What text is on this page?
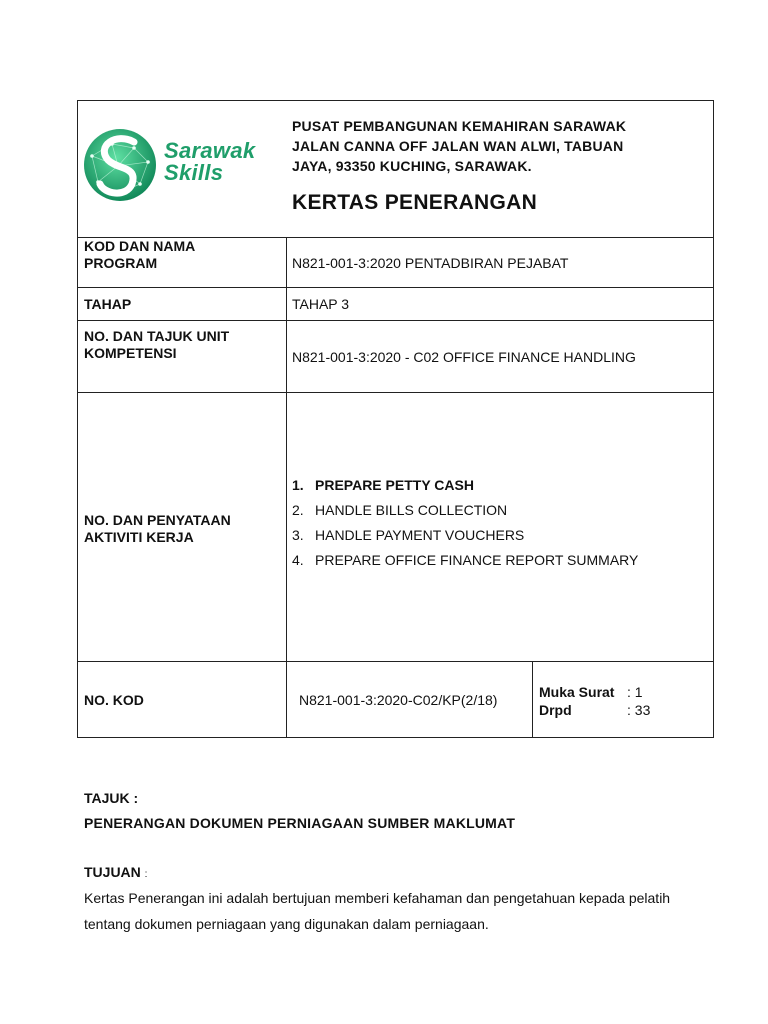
Sarawak
Skills
PUSAT PEMBANGUNAN KEMAHIRAN SARAWAK
JALAN CANNA OFF JALAN WAN ALWI, TABUAN
JAYA, 93350 KUCHING, SARAWAK.
KERTAS PENERANGAN
KOD DAN NAMA
PROGRAM	N821-001-3:2020 PENTADBIRAN PEJABAT
TAHAP	TAHAP 3
NO. DAN TAJUK UNIT
KOMPETENSI	N821-001-3:2020 - C02 OFFICE FINANCE HANDLING
NO. DAN PENYATAAN
AKTIVITI KERJA
1. PREPARE PETTY CASH
2. HANDLE BILLS COLLECTION
3. HANDLE PAYMENT VOUCHERS
4. PREPARE OFFICE FINANCE REPORT SUMMARY
NO. KOD	N821-001-3:2020-C02/KP(2/18)	Muka Surat : 1
Drpd	: 33
TAJUK :
PENERANGAN DOKUMEN PERNIAGAAN SUMBER MAKLUMAT
TUJUAN :
Kertas Penerangan ini adalah bertujuan memberi kefahaman dan pengetahuan kepada pelatih tentang dokumen perniagaan yang digunakan dalam perniagaan.
